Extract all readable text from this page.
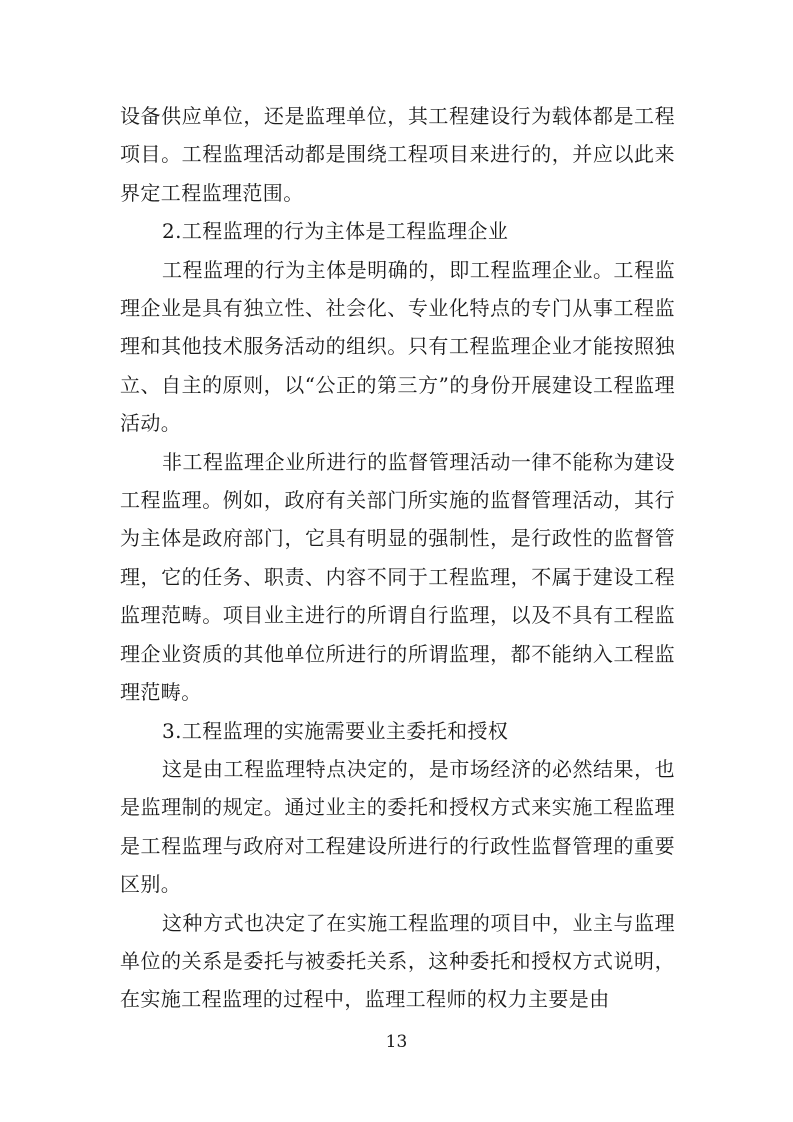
设备供应单位，还是监理单位，其工程建设行为载体都是工程项目。工程监理活动都是围绕工程项目来进行的，并应以此来界定工程监理范围。

2.工程监理的行为主体是工程监理企业

工程监理的行为主体是明确的，即工程监理企业。工程监理企业是具有独立性、社会化、专业化特点的专门从事工程监理和其他技术服务活动的组织。只有工程监理企业才能按照独立、自主的原则，以“公正的第三方”的身份开展建设工程监理活动。

非工程监理企业所进行的监督管理活动一律不能称为建设工程监理。例如，政府有关部门所实施的监督管理活动，其行为主体是政府部门，它具有明显的强制性，是行政性的监督管理，它的任务、职责、内容不同于工程监理，不属于建设工程监理范畴。项目业主进行的所谓自行监理，以及不具有工程监理企业资质的其他单位所进行的所谓监理，都不能纳入工程监理范畴。

3.工程监理的实施需要业主委托和授权

这是由工程监理特点决定的，是市场经济的必然结果，也是监理制的规定。通过业主的委托和授权方式来实施工程监理是工程监理与政府对工程建设所进行的行政性监督管理的重要区别。

这种方式也决定了在实施工程监理的项目中，业主与监理单位的关系是委托与被委托关系，这种委托和授权方式说明，在实施工程监理的过程中，监理工程师的权力主要是由

13
